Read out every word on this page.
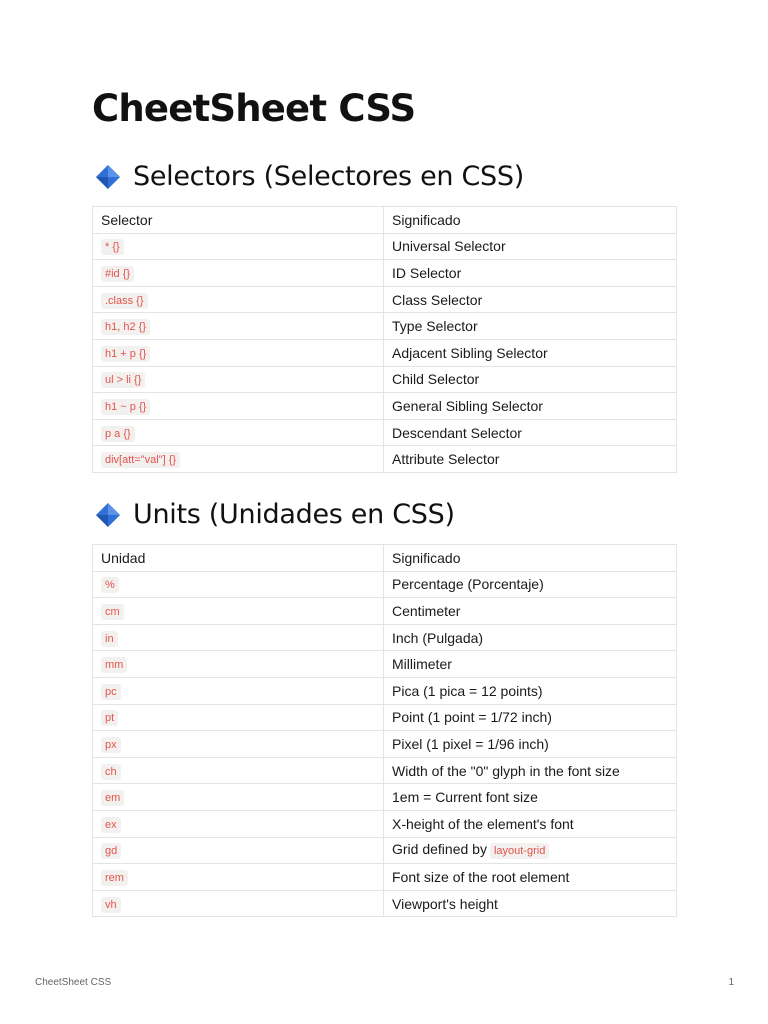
CheetSheet CSS
Selectors (Selectores en CSS)
Selector	Significado
* {}	Universal Selector
#id {}	ID Selector
.class {}	Class Selector
h1, h2 {}	Type Selector
h1 + p {}	Adjacent Sibling Selector
ul > li {}	Child Selector
h1 ~ p {}	General Sibling Selector
p a {}	Descendant Selector
div[att="val"] {}	Attribute Selector
Units (Unidades en CSS)
Unidad	Significado
%	Percentage (Porcentaje)
cm	Centimeter
in	Inch (Pulgada)
mm	Millimeter
pc	Pica (1 pica = 12 points)
pt	Point (1 point = 1/72 inch)
px	Pixel (1 pixel = 1/96 inch)
ch	Width of the "0" glyph in the font size
em	1em = Current font size
ex	X-height of the element's font
gd	Grid defined by layout-grid
rem	Font size of the root element
vh	Viewport's height
CheetSheet CSS	1
